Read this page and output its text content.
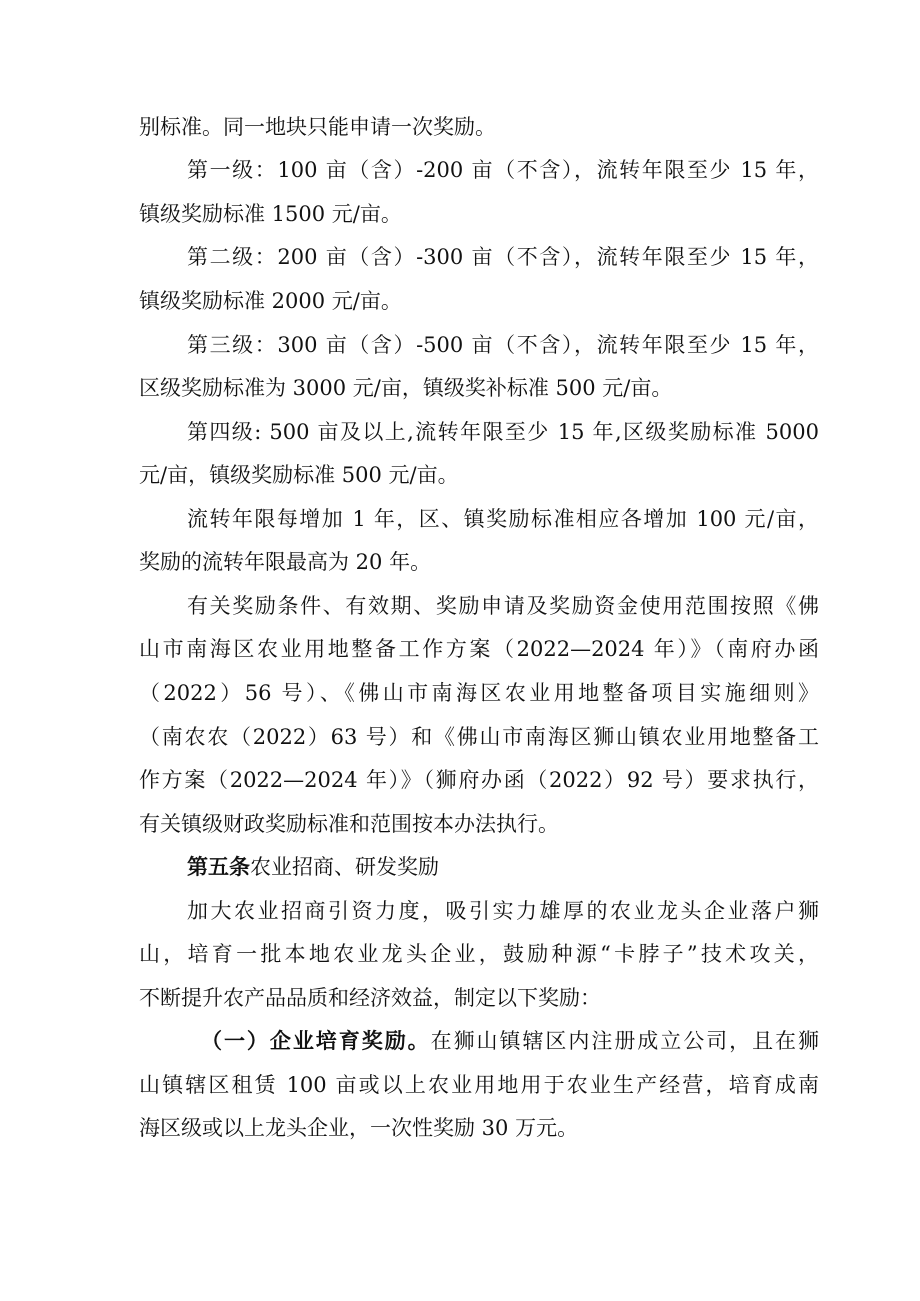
别标准。同一地块只能申请一次奖励。
第一级：100 亩（含）-200 亩（不含），流转年限至少 15 年，
镇级奖励标准 1500 元/亩。
第二级：200 亩（含）-300 亩（不含），流转年限至少 15 年，
镇级奖励标准 2000 元/亩。
第三级：300 亩（含）-500 亩（不含），流转年限至少 15 年，
区级奖励标准为 3000 元/亩，镇级奖补标准 500 元/亩。
第四级: 500 亩及以上,流转年限至少 15 年,区级奖励标准 5000
元/亩，镇级奖励标准 500 元/亩。
流转年限每增加 1 年，区、镇奖励标准相应各增加 100 元/亩，
奖励的流转年限最高为 20 年。
有关奖励条件、有效期、奖励申请及奖励资金使用范围按照《佛
山市南海区农业用地整备工作方案（2022—2024 年）》（南府办函
（2022）56 号）、《佛山市南海区农业用地整备项目实施细则》
（南农农（2022）63 号）和《佛山市南海区狮山镇农业用地整备工
作方案（2022—2024 年）》（狮府办函（2022）92 号）要求执行，
有关镇级财政奖励标准和范围按本办法执行。
第五条农业招商、研发奖励
加大农业招商引资力度，吸引实力雄厚的农业龙头企业落户狮
山，培育一批本地农业龙头企业，鼓励种源“卡脖子”技术攻关，
不断提升农产品品质和经济效益，制定以下奖励：
（一）企业培育奖励。在狮山镇辖区内注册成立公司，且在狮
山镇辖区租赁 100 亩或以上农业用地用于农业生产经营，培育成南
海区级或以上龙头企业，一次性奖励 30 万元。
